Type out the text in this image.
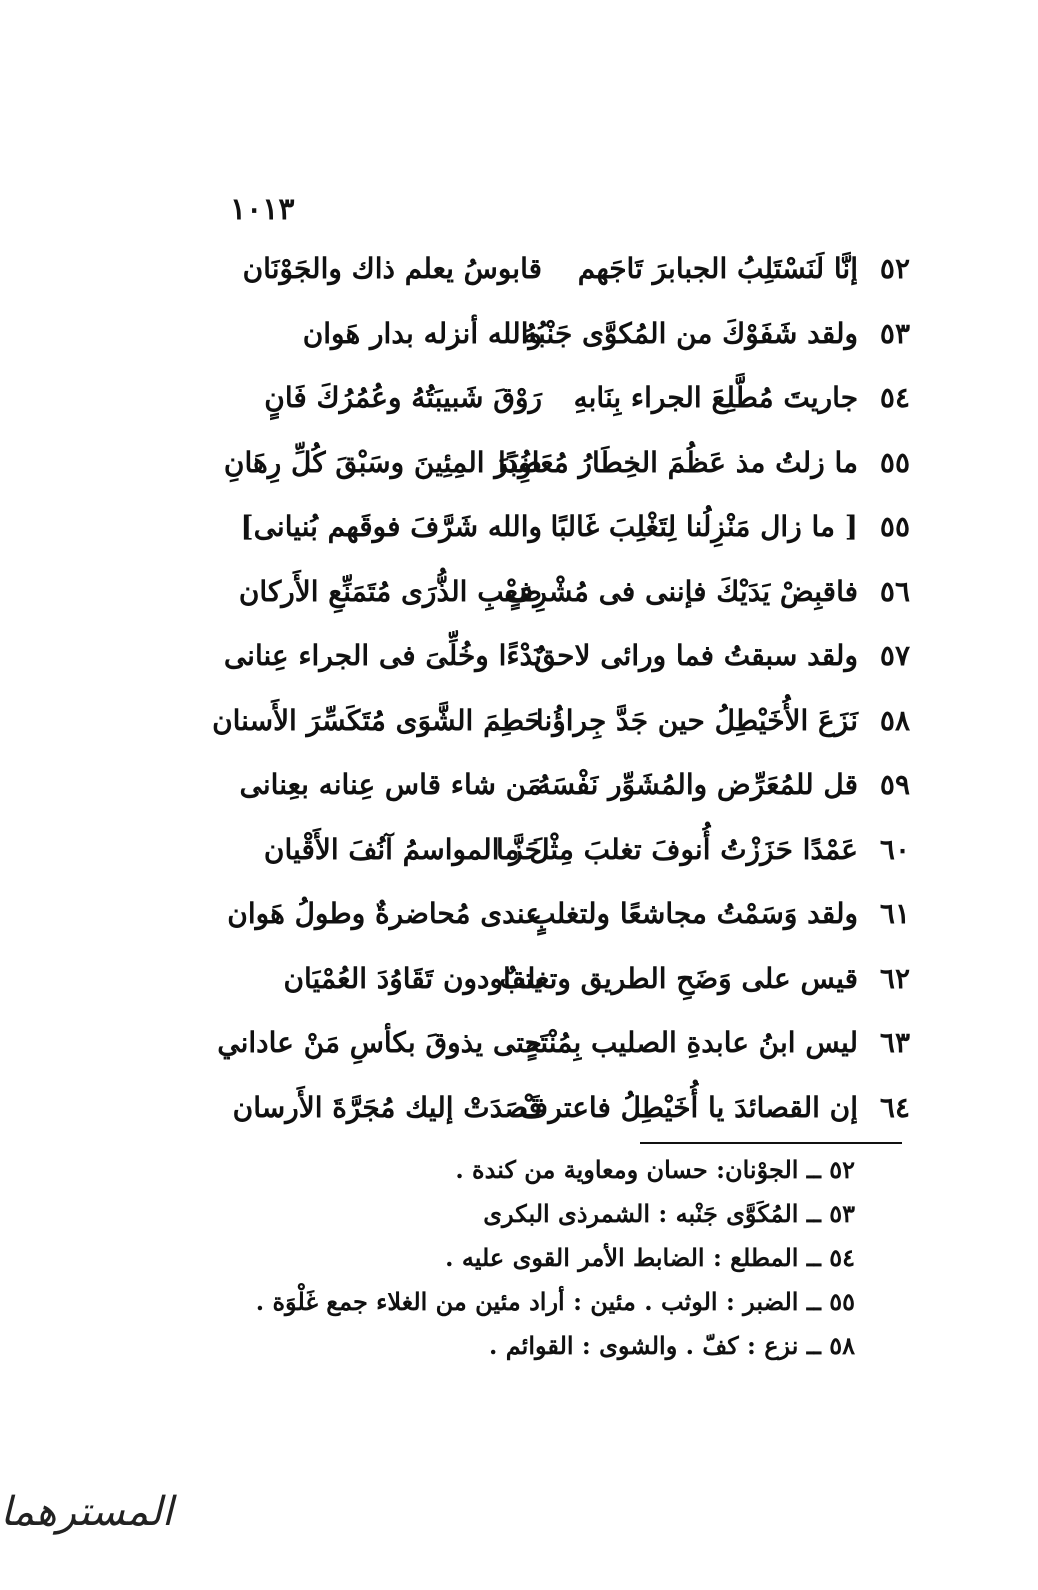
١٠١٣
٥٢
إنَّا لَنَسْتَلِبُ الجبابرَ تَاجَهم
قابوسُ يعلم ذاك والجَوْنَان
٥٣
ولقد شَفَوْكَ من المُكوَّى جَنْبُهُ
والله أنزله بدار هَوان
٥٤
جاريتَ مُطَّلِعَ الجراء بِنَابهِ
رَوْقَ شَبيبَتُهُ وعُمُرُكَ فَانٍ
٥٥
ما زلتُ مذ عَظُمَ الخِطَارُ مُعَاوِدًا
ضُبَرَ المِئِينَ وسَبْقَ كُلِّ رِهَانِ
٥٥
[ ما زال مَنْزِلُنا لِتَغْلِبَ غَالبًا
والله شَرَّفَ فوقَهم بُنيانى]
٥٦
فاقبِضْ يَدَيْكَ فإننى فى مُشْرِفٍ
صَعْبِ الذُّرَى مُتَمَنِّعِ الأَركان
٥٧
ولقد سبقتُ فما ورائى لاحقٌ
بَدْءًا وخُلِّىَ فى الجراء عِنانى
٥٨
نَزَعَ الأُخَيْطِلُ حين جَدَّ جِراؤُنا
حَطِمَ الشَّوَى مُتَكَسِّرَ الأَسنان
٥٩
قل للمُعَرِّض والمُشَوِّر نَفْسَهُ
مَن شاء قاس عِنانه بعِنانى
٦٠
عَمْدًا حَزَزْتُ أُنوفَ تغلبَ مِثْلَ ما
حَزَّ المواسمُ آنُفَ الأَقْيان
٦١
ولقد وَسَمْتُ مجاشعًا ولتغلبٍ
عندى مُحاضرةٌ وطولُ هَوان
٦٢
قيس على وَضَحِ الطريق وتغلبٌ
يتقاودون تَقَاوُدَ العُمْيَان
٦٣
ليس ابنُ عابدةِ الصليب بِمُنْتَهٍ
حتى يذوقَ بكأسِ مَنْ عاداني
٦٤
إن القصائدَ يا أُخَيْطِلُ فاعترفْ
قَصَدَتْ إليك مُجَرَّةَ الأَرسان
٥٢ ــ الجوْنان: حسان ومعاوية من كندة .
٥٣ ــ المُكَوَّى جَنْبه : الشمرذى البكرى
٥٤ ــ المطلع : الضابط الأمر القوى عليه .
٥٥ ــ الضبر : الوثب . مئين : أراد مئين من الغلاء جمع غَلْوَة .
٥٨ ــ نزع : كفّ . والشوى : القوائم .
المسترهما
